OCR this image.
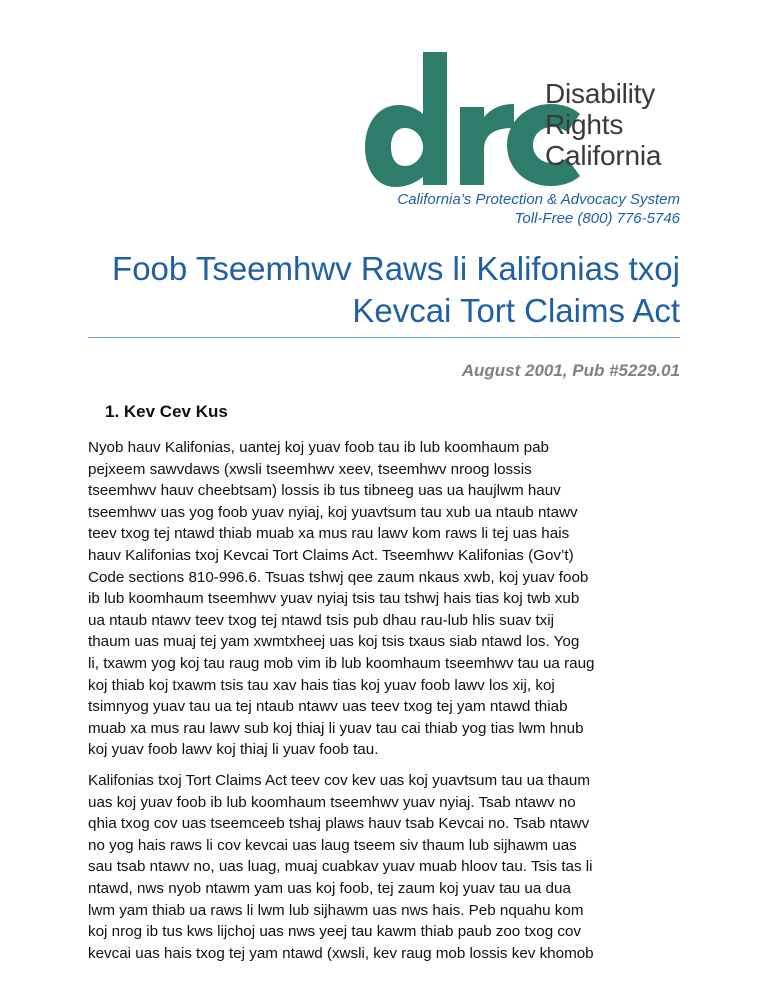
Disability
Rights
California
California’s Protection & Advocacy System
Toll-Free (800) 776-5746
Foob Tseemhwv Raws li Kalifonias txoj
Kevcai Tort Claims Act
August 2001, Pub #5229.01
1. Kev Cev Kus

Nyob hauv Kalifonias, uantej koj yuav foob tau ib lub koomhaum pab
pejxeem sawvdaws (xwsli tseemhwv xeev, tseemhwv nroog lossis
tseemhwv hauv cheebtsam) lossis ib tus tibneeg uas ua haujlwm hauv
tseemhwv uas yog foob yuav nyiaj, koj yuavtsum tau xub ua ntaub ntawv
teev txog tej ntawd thiab muab xa mus rau lawv kom raws li tej uas hais
hauv Kalifonias txoj Kevcai Tort Claims Act. Tseemhwv Kalifonias (Gov’t)
Code sections 810-996.6. Tsuas tshwj qee zaum nkaus xwb, koj yuav foob
ib lub koomhaum tseemhwv yuav nyiaj tsis tau tshwj hais tias koj twb xub
ua ntaub ntawv teev txog tej ntawd tsis pub dhau rau-lub hlis suav txij
thaum uas muaj tej yam xwmtxheej uas koj tsis txaus siab ntawd los. Yog
li, txawm yog koj tau raug mob vim ib lub koomhaum tseemhwv tau ua raug
koj thiab koj txawm tsis tau xav hais tias koj yuav foob lawv los xij, koj
tsimnyog yuav tau ua tej ntaub ntawv uas teev txog tej yam ntawd thiab
muab xa mus rau lawv sub koj thiaj li yuav tau cai thiab yog tias lwm hnub
koj yuav foob lawv koj thiaj li yuav foob tau.

Kalifonias txoj Tort Claims Act teev cov kev uas koj yuavtsum tau ua thaum
uas koj yuav foob ib lub koomhaum tseemhwv yuav nyiaj. Tsab ntawv no
qhia txog cov uas tseemceeb tshaj plaws hauv tsab Kevcai no. Tsab ntawv
no yog hais raws li cov kevcai uas laug tseem siv thaum lub sijhawm uas
sau tsab ntawv no, uas luag, muaj cuabkav yuav muab hloov tau. Tsis tas li
ntawd, nws nyob ntawm yam uas koj foob, tej zaum koj yuav tau ua dua
lwm yam thiab ua raws li lwm lub sijhawm uas nws hais. Peb nquahu kom
koj nrog ib tus kws lijchoj uas nws yeej tau kawm thiab paub zoo txog cov
kevcai uas hais txog tej yam ntawd (xwsli, kev raug mob lossis kev khomob
